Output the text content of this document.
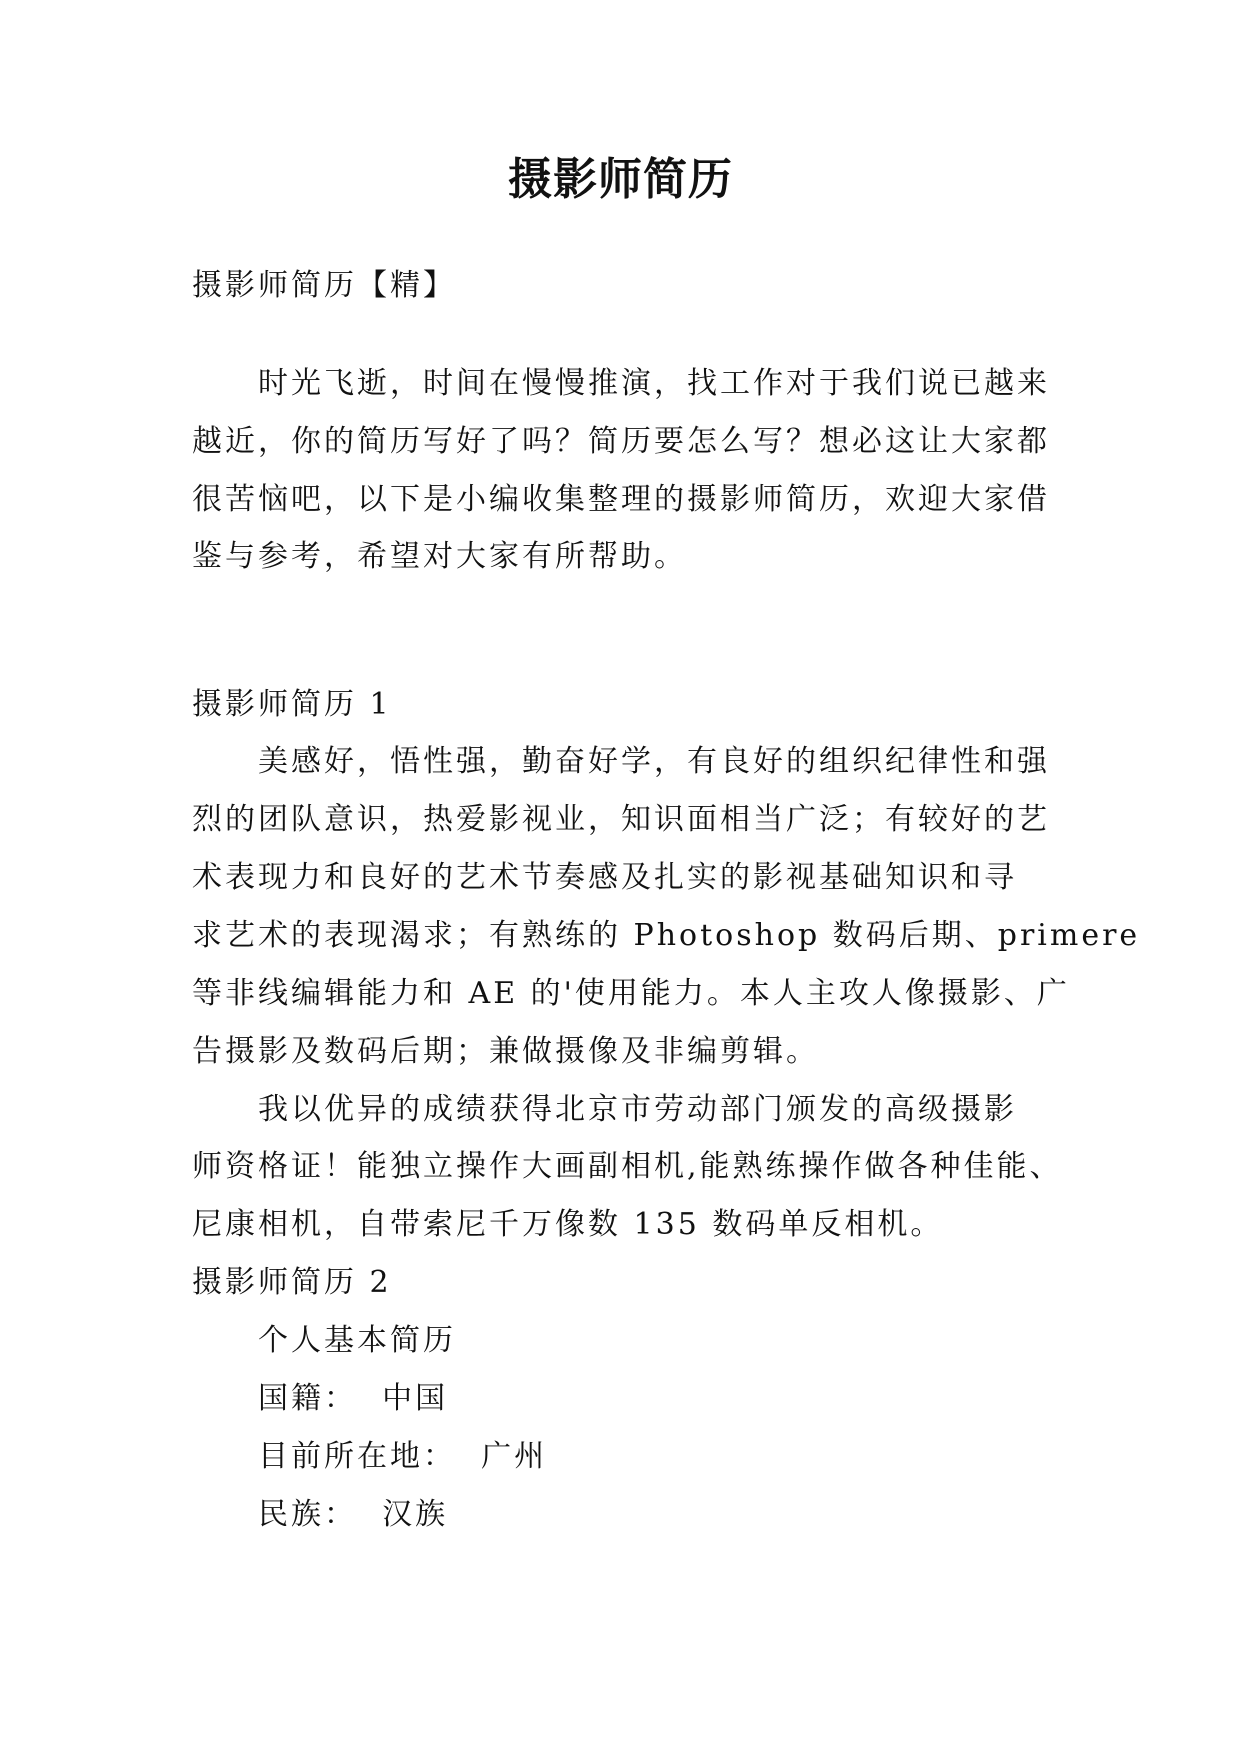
摄影师简历
摄影师简历【精】
时光飞逝，时间在慢慢推演，找工作对于我们说已越来
越近，你的简历写好了吗？简历要怎么写？想必这让大家都
很苦恼吧，以下是小编收集整理的摄影师简历，欢迎大家借
鉴与参考，希望对大家有所帮助。
摄影师简历 1
美感好，悟性强，勤奋好学，有良好的组织纪律性和强
烈的团队意识，热爱影视业，知识面相当广泛；有较好的艺
术表现力和良好的艺术节奏感及扎实的影视基础知识和寻
求艺术的表现渴求；有熟练的 Photoshop 数码后期、primere
等非线编辑能力和 AE 的'使用能力。本人主攻人像摄影、广
告摄影及数码后期；兼做摄像及非编剪辑。
我以优异的成绩获得北京市劳动部门颁发的高级摄影
师资格证！能独立操作大画副相机,能熟练操作做各种佳能、
尼康相机，自带索尼千万像数 135 数码单反相机。
摄影师简历 2
个人基本简历
国籍：  中国
目前所在地：  广州
民族：  汉族
